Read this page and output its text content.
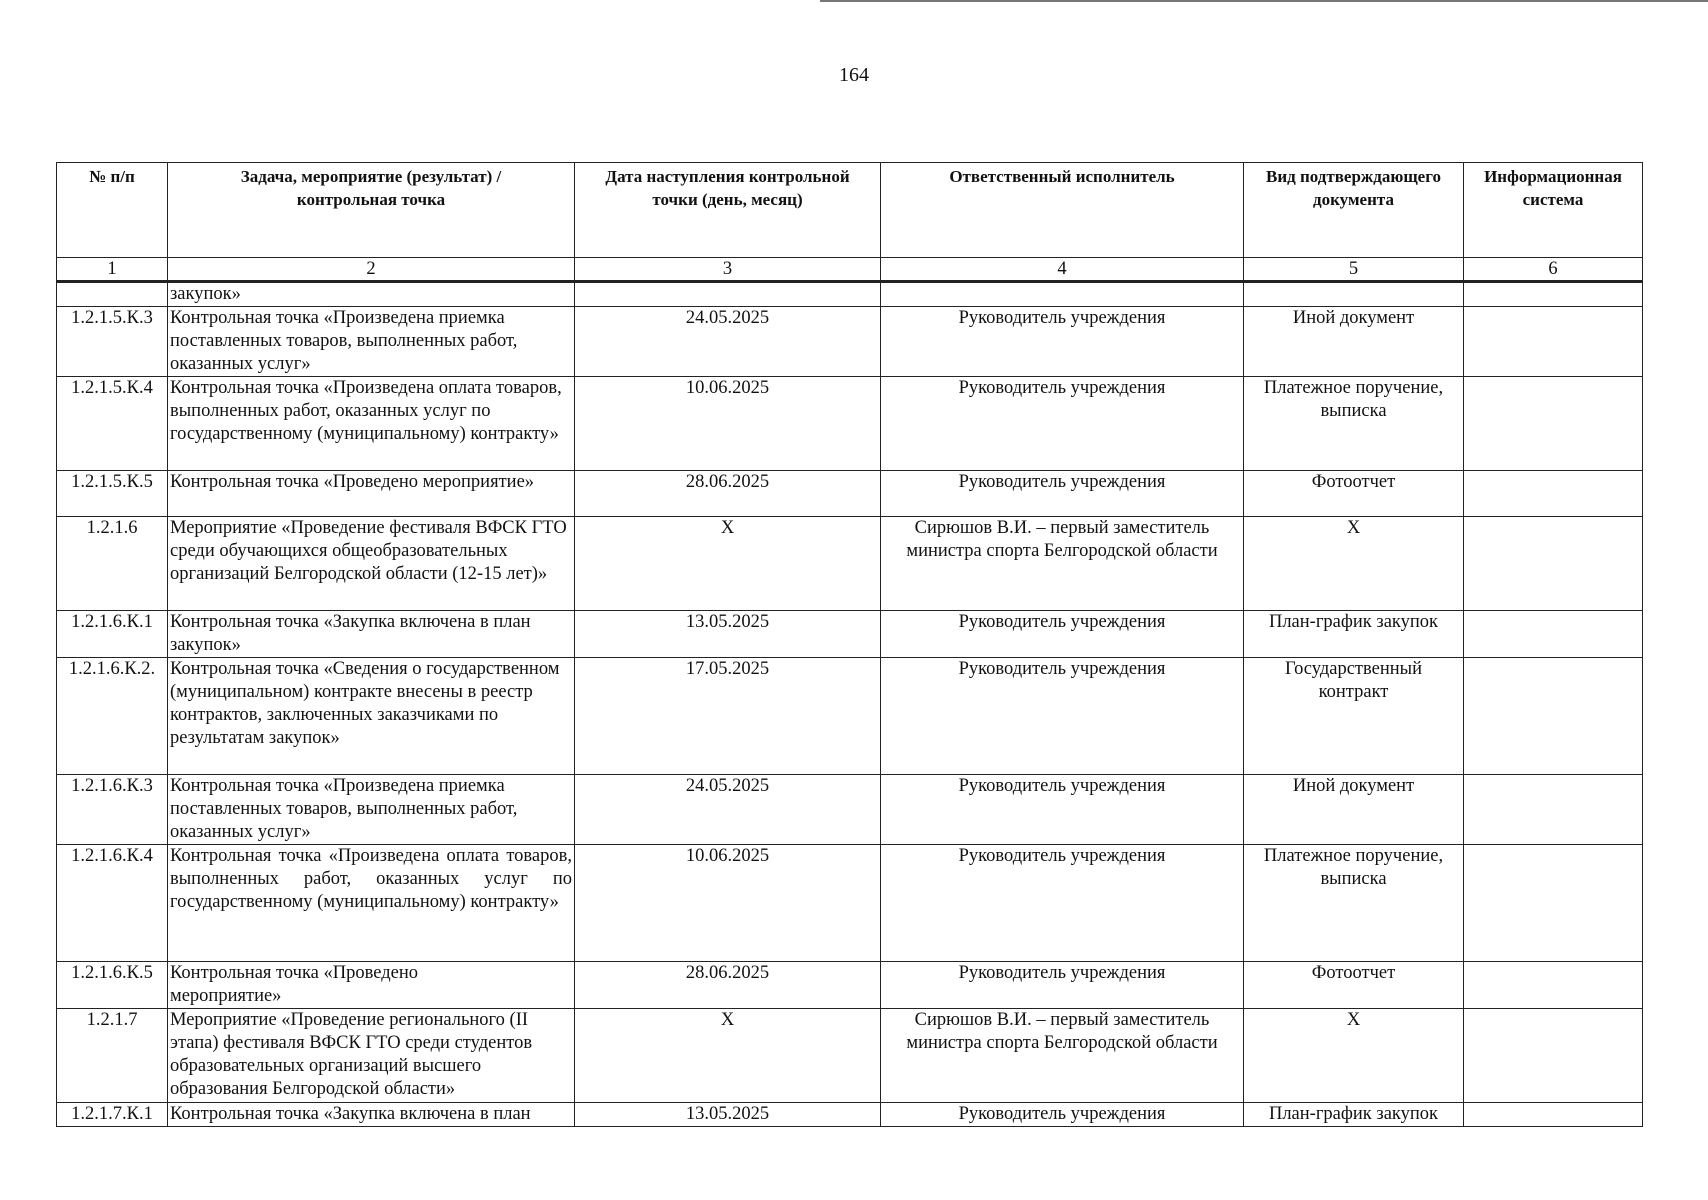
164
№ п/п	Задача, мероприятие (результат) / контрольная точка	Дата наступления контрольной точки (день, месяц)	Ответственный исполнитель	Вид подтверждающего документа	Информационная система
1	2	3	4	5	6
	закупок»				
1.2.1.5.К.3	Контрольная точка «Произведена приемка поставленных товаров, выполненных работ, оказанных услуг»	24.05.2025	Руководитель учреждения	Иной документ	
1.2.1.5.К.4	Контрольная точка «Произведена оплата товаров, выполненных работ, оказанных услуг по государственному (муниципальному) контракту»	10.06.2025	Руководитель учреждения	Платежное поручение, выписка	
1.2.1.5.К.5	Контрольная точка «Проведено мероприятие»	28.06.2025	Руководитель учреждения	Фотоотчет	
1.2.1.6	Мероприятие «Проведение фестиваля ВФСК ГТО среди обучающихся общеобразовательных организаций Белгородской области (12-15 лет)»	Х	Сирюшов В.И. – первый заместитель министра спорта Белгородской области	Х	
1.2.1.6.К.1	Контрольная точка «Закупка включена в план закупок»	13.05.2025	Руководитель учреждения	План-график закупок	
1.2.1.6.К.2.	Контрольная точка «Сведения о государственном (муниципальном) контракте внесены в реестр контрактов, заключенных заказчиками по результатам закупок»	17.05.2025	Руководитель учреждения	Государственный контракт	
1.2.1.6.К.3	Контрольная точка «Произведена приемка поставленных товаров, выполненных работ, оказанных услуг»	24.05.2025	Руководитель учреждения	Иной документ	
1.2.1.6.К.4	Контрольная точка «Произведена оплата товаров, выполненных работ, оказанных услуг по государственному (муниципальному) контракту»	10.06.2025	Руководитель учреждения	Платежное поручение, выписка	
1.2.1.6.К.5	Контрольная точка «Проведено мероприятие»	28.06.2025	Руководитель учреждения	Фотоотчет	
1.2.1.7	Мероприятие «Проведение регионального (II этапа) фестиваля ВФСК ГТО среди студентов образовательных организаций высшего образования Белгородской области»	Х	Сирюшов В.И. – первый заместитель министра спорта Белгородской области	Х	
1.2.1.7.К.1	Контрольная точка «Закупка включена в план	13.05.2025	Руководитель учреждения	План-график закупок	
